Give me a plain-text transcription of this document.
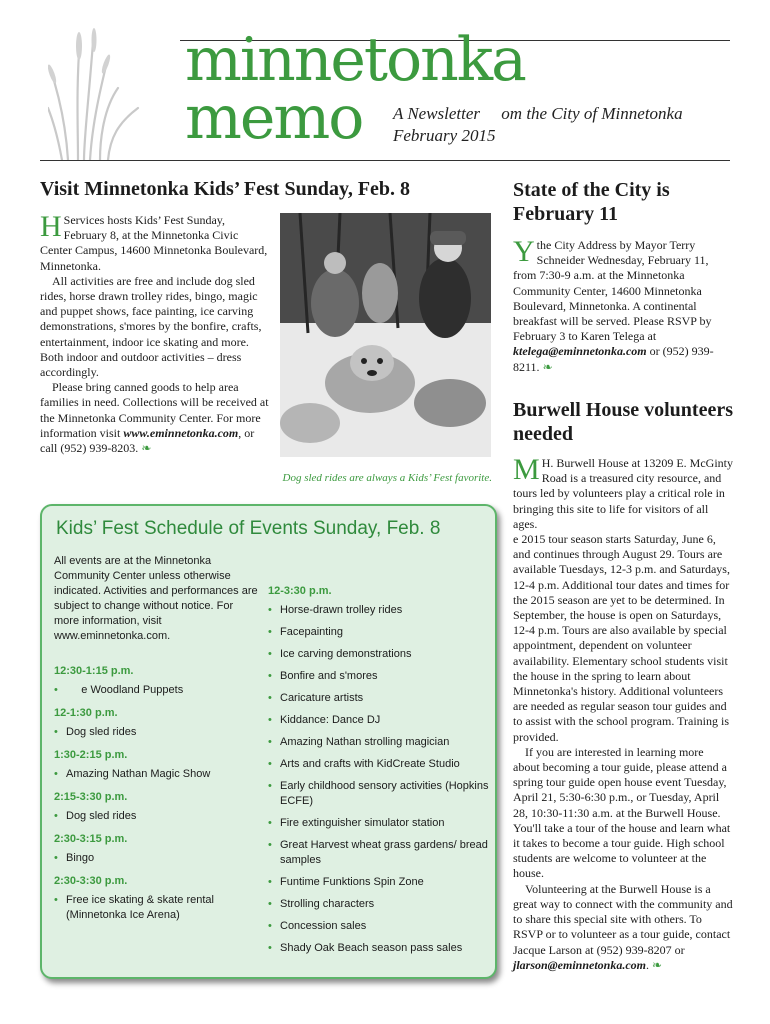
minnetonka
memo A Newsletter     om the City of Minnetonka
February 2015
Visit Minnetonka Kids’ Fest Sunday, Feb. 8

H Services hosts Kids’ Fest Sunday, February 8, at the Minnetonka Civic Center Campus, 14600 Minnetonka Boulevard, Minnetonka.

All activities are free and include dog sled rides, horse drawn trolley rides, bingo, magic and puppet shows, face painting, ice carving demonstrations, s'mores by the bonfire, crafts, entertainment, indoor ice skating and more. Both indoor and outdoor activities – dress accordingly.

Please bring canned goods to help area families in need. Collections will be received at the Minnetonka Community Center. For more information visit www.eminnetonka.com, or call (952) 939-8203. ❧

Dog sled rides are always a Kids’ Fest favorite.
Kids’ Fest Schedule of Events Sunday, Feb. 8

All events are at the Minnetonka Community Center unless otherwise indicated. Activities and performances are subject to change without notice. For more information, visit www.eminnetonka.com.

12:30-1:15 p.m.
•      e Woodland Puppets
12-1:30 p.m.
• Dog sled rides
1:30-2:15 p.m.
• Amazing Nathan Magic Show
2:15-3:30 p.m.
• Dog sled rides
2:30-3:15 p.m.
• Bingo
2:30-3:30 p.m.
• Free ice skating & skate rental (Minnetonka Ice Arena)
12-3:30 p.m.
• Horse-drawn trolley rides
• Facepainting
• Ice carving demonstrations
• Bonfire and s'mores
• Caricature artists
• Kiddance: Dance DJ
• Amazing Nathan strolling magician
• Arts and crafts with KidCreate Studio
• Early childhood sensory activities (Hopkins ECFE)
• Fire extinguisher simulator station
• Great Harvest wheat grass gardens/ bread samples
• Funtime Funktions Spin Zone
• Strolling characters
• Concession sales
• Shady Oak Beach season pass sales
State of the City is February 11

Ythe City Address by Mayor Terry Schneider Wednesday, February 11, from 7:30-9 a.m. at the Minnetonka Community Center, 14600 Minnetonka Boulevard, Minnetonka. A continental breakfast will be served. Please RSVP by February 3 to Karen Telega at ktelega@eminnetonka.com or (952) 939-8211. ❧

Burwell House volunteers needed

M H. Burwell House at 13209 E. McGinty Road is a treasured city resource, and tours led by volunteers play a critical role in bringing this site to life for visitors of all ages.

e 2015 tour season starts Saturday, June 6, and continues through August 29. Tours are available Tuesdays, 12-3 p.m. and Saturdays, 12-4 p.m. Additional tour dates and times for the 2015 season are yet to be determined. In September, the house is open on Saturdays, 12-4 p.m. Tours are also available by special appointment, dependent on volunteer availability. Elementary school students visit the house in the spring to learn about Minnetonka's history. Additional volunteers are needed as regular season tour guides and to assist with the school program. Training is provided.

If you are interested in learning more about becoming a tour guide, please attend a spring tour guide open house event Tuesday, April 21, 5:30-6:30 p.m., or Tuesday, April 28, 10:30-11:30 a.m. at the Burwell House. You'll take a tour of the house and learn what it takes to become a tour guide. High school students are welcome to volunteer at the house.

Volunteering at the Burwell House is a great way to connect with the community and to share this special site with others. To RSVP or to volunteer as a tour guide, contact Jacque Larson at (952) 939-8207 or jlarson@eminnetonka.com. ❧
